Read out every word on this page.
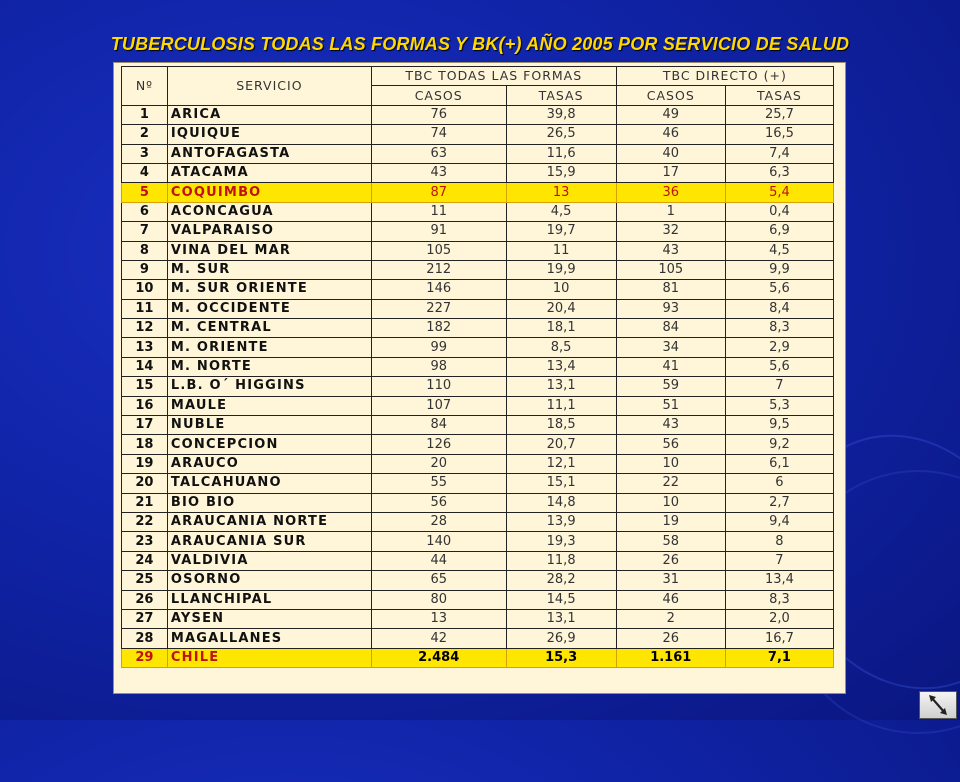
TUBERCULOSIS TODAS LAS FORMAS Y BK(+) AÑO 2005 POR SERVICIO DE SALUD
Nº	SERVICIO	TBC TODAS LAS FORMAS		TBC DIRECTO (+)	
		CASOS	TASAS	CASOS	TASAS
1	ARICA	76	39,8	49	25,7
2	IQUIQUE	74	26,5	46	16,5
3	ANTOFAGASTA	63	11,6	40	7,4
4	ATACAMA	43	15,9	17	6,3
5	COQUIMBO	87	13	36	5,4
6	ACONCAGUA	11	4,5	1	0,4
7	VALPARAISO	91	19,7	32	6,9
8	VINA DEL MAR	105	11	43	4,5
9	M. SUR	212	19,9	105	9,9
10	M. SUR ORIENTE	146	10	81	5,6
11	M. OCCIDENTE	227	20,4	93	8,4
12	M. CENTRAL	182	18,1	84	8,3
13	M. ORIENTE	99	8,5	34	2,9
14	M. NORTE	98	13,4	41	5,6
15	L.B. O´ HIGGINS	110	13,1	59	7
16	MAULE	107	11,1	51	5,3
17	NUBLE	84	18,5	43	9,5
18	CONCEPCION	126	20,7	56	9,2
19	ARAUCO	20	12,1	10	6,1
20	TALCAHUANO	55	15,1	22	6
21	BIO BIO	56	14,8	10	2,7
22	ARAUCANIA NORTE	28	13,9	19	9,4
23	ARAUCANIA SUR	140	19,3	58	8
24	VALDIVIA	44	11,8	26	7
25	OSORNO	65	28,2	31	13,4
26	LLANCHIPAL	80	14,5	46	8,3
27	AYSEN	13	13,1	2	2,0
28	MAGALLANES	42	26,9	26	16,7
29	CHILE	2.484	15,3	1.161	7,1
